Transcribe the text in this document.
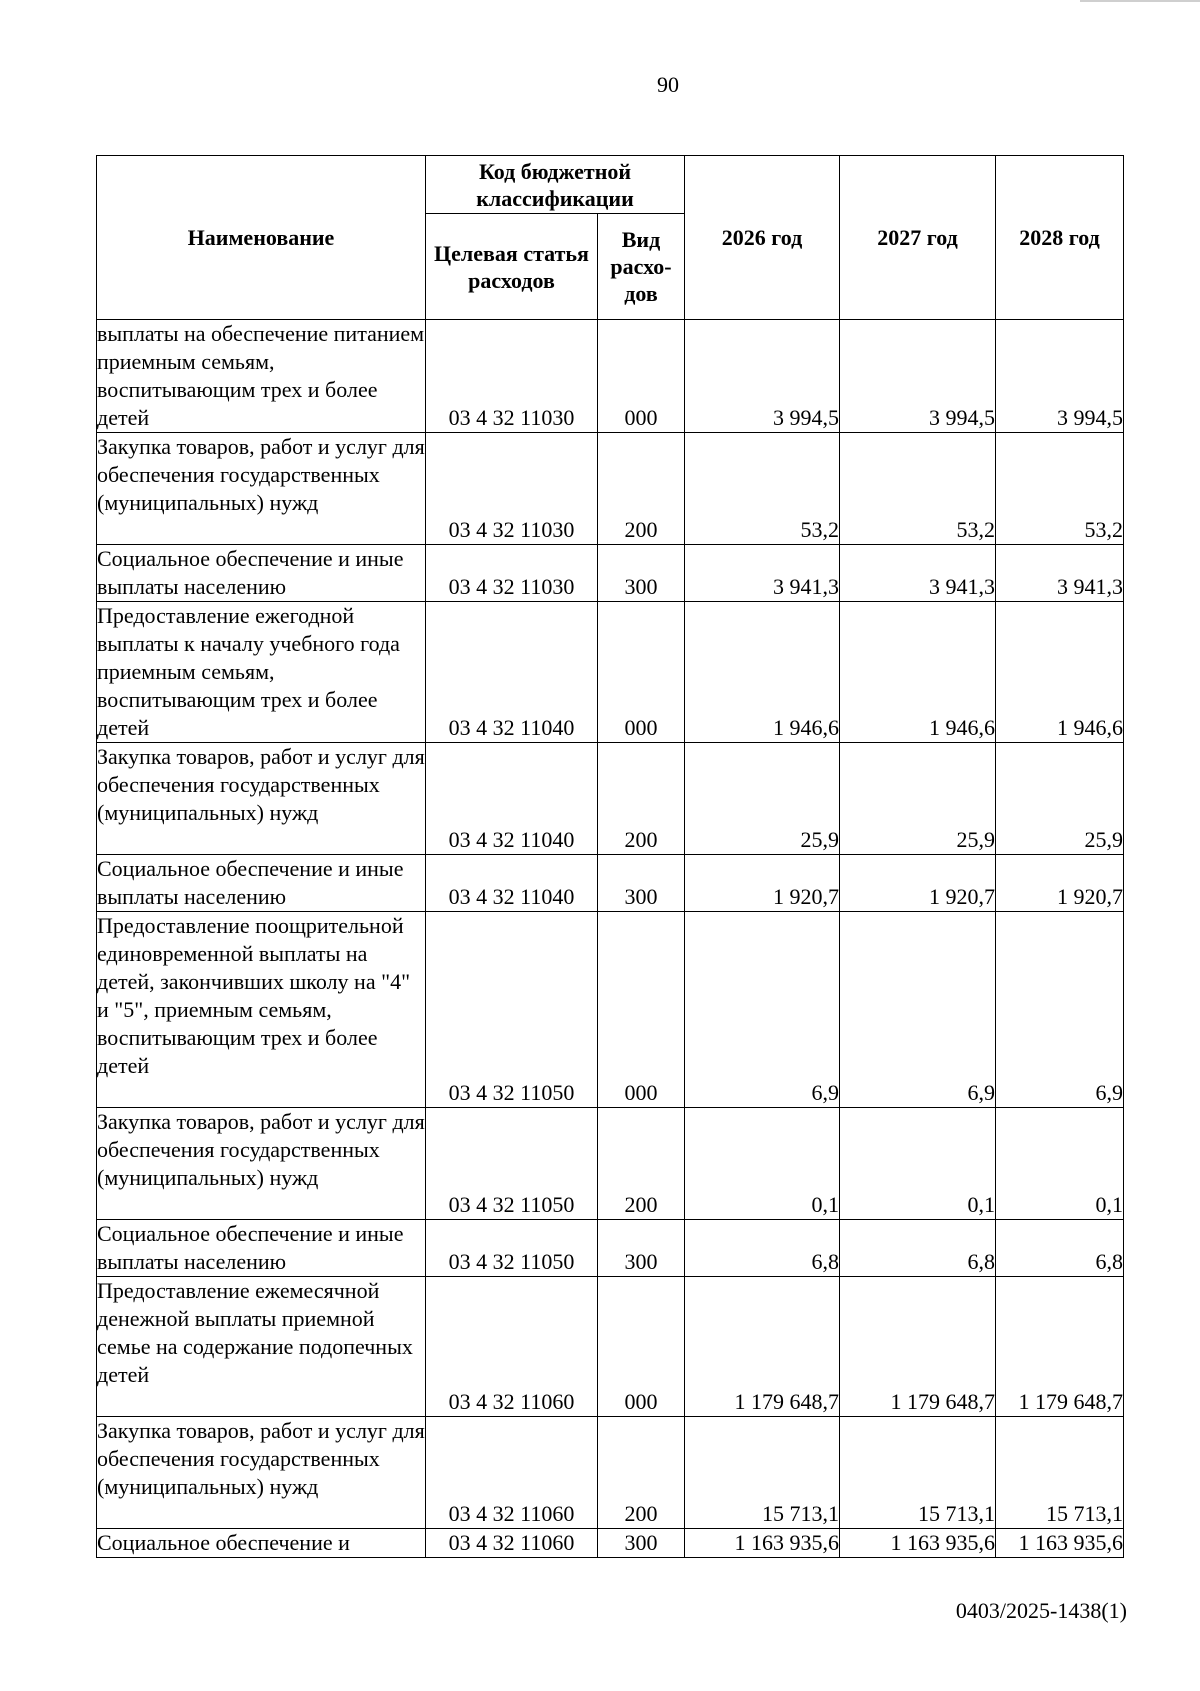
90
Наименование	Код бюджетной классификации		2026 год	2027 год	2028 год
	Целевая статья расходов	Вид расхо-дов			
выплаты на обеспечение питанием приемным семьям, воспитывающим трех и более детей	03 4 32 11030	000	3 994,5	3 994,5	3 994,5
Закупка товаров, работ и услуг для обеспечения государственных (муниципальных) нужд	03 4 32 11030	200	53,2	53,2	53,2
Социальное обеспечение и иные выплаты населению	03 4 32 11030	300	3 941,3	3 941,3	3 941,3
Предоставление ежегодной выплаты к началу учебного года приемным семьям, воспитывающим трех и более детей	03 4 32 11040	000	1 946,6	1 946,6	1 946,6
Закупка товаров, работ и услуг для обеспечения государственных (муниципальных) нужд	03 4 32 11040	200	25,9	25,9	25,9
Социальное обеспечение и иные выплаты населению	03 4 32 11040	300	1 920,7	1 920,7	1 920,7
Предоставление поощрительной единовременной выплаты на детей, закончивших школу на "4" и "5", приемным семьям, воспитывающим трех и более детей	03 4 32 11050	000	6,9	6,9	6,9
Закупка товаров, работ и услуг для обеспечения государственных (муниципальных) нужд	03 4 32 11050	200	0,1	0,1	0,1
Социальное обеспечение и иные выплаты населению	03 4 32 11050	300	6,8	6,8	6,8
Предоставление ежемесячной денежной выплаты приемной семье на содержание подопечных детей	03 4 32 11060	000	1 179 648,7	1 179 648,7	1 179 648,7
Закупка товаров, работ и услуг для обеспечения государственных (муниципальных) нужд	03 4 32 11060	200	15 713,1	15 713,1	15 713,1
Социальное обеспечение и	03 4 32 11060	300	1 163 935,6	1 163 935,6	1 163 935,6
0403/2025-1438(1)
